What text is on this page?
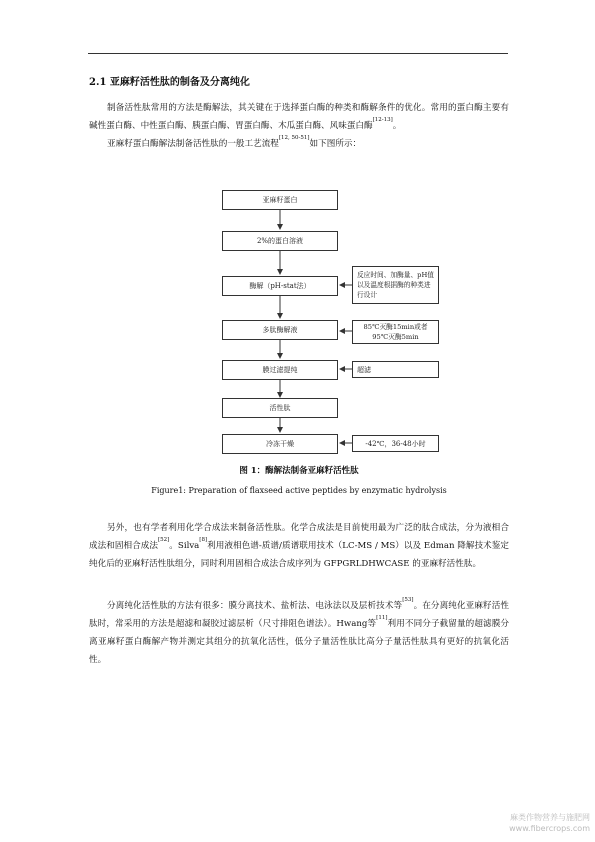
2.1 亚麻籽活性肽的制备及分离纯化

制备活性肽常用的方法是酶解法，其关键在于选择蛋白酶的种类和酶解条件的优化。常用的蛋白酶主要有碱性蛋白酶、中性蛋白酶、胰蛋白酶、胃蛋白酶、木瓜蛋白酶、风味蛋白酶[12-13]。

亚麻籽蛋白酶解法制备活性肽的一般工艺流程[12, 50-51]如下图所示：

亚麻籽蛋白
2%的蛋白溶液
酶解（pH-stat法）
多肽酶解液
膜过滤提纯
活性肽
冷冻干燥
反应时间、加酶量、pH值以及温度根据酶的种类进行设计
85℃灭酶15min或者95℃灭酶5min
超滤
-42℃，36-48小时
图 1：酶解法制备亚麻籽活性肽
Figure1: Preparation of flaxseed active peptides by enzymatic hydrolysis

另外，也有学者利用化学合成法来制备活性肽。化学合成法是目前使用最为广泛的肽合成法，分为液相合成法和固相合成法[52]。Silva[8]利用液相色谱-质谱/质谱联用技术（LC-MS / MS）以及 Edman 降解技术鉴定纯化后的亚麻籽活性肽组分，同时利用固相合成法合成序列为 GFPGRLDHWCASE 的亚麻籽活性肽。

分离纯化活性肽的方法有很多：膜分离技术、盐析法、电泳法以及层析技术等[53]。在分离纯化亚麻籽活性肽时，常采用的方法是超滤和凝胶过滤层析（尺寸排阻色谱法）。Hwang等[11]利用不同分子截留量的超滤膜分离亚麻籽蛋白酶解产物并测定其组分的抗氧化活性，低分子量活性肽比高分子量活性肽具有更好的抗氧化活性。

麻类作物营养与施肥网
www.fibercrops.com
